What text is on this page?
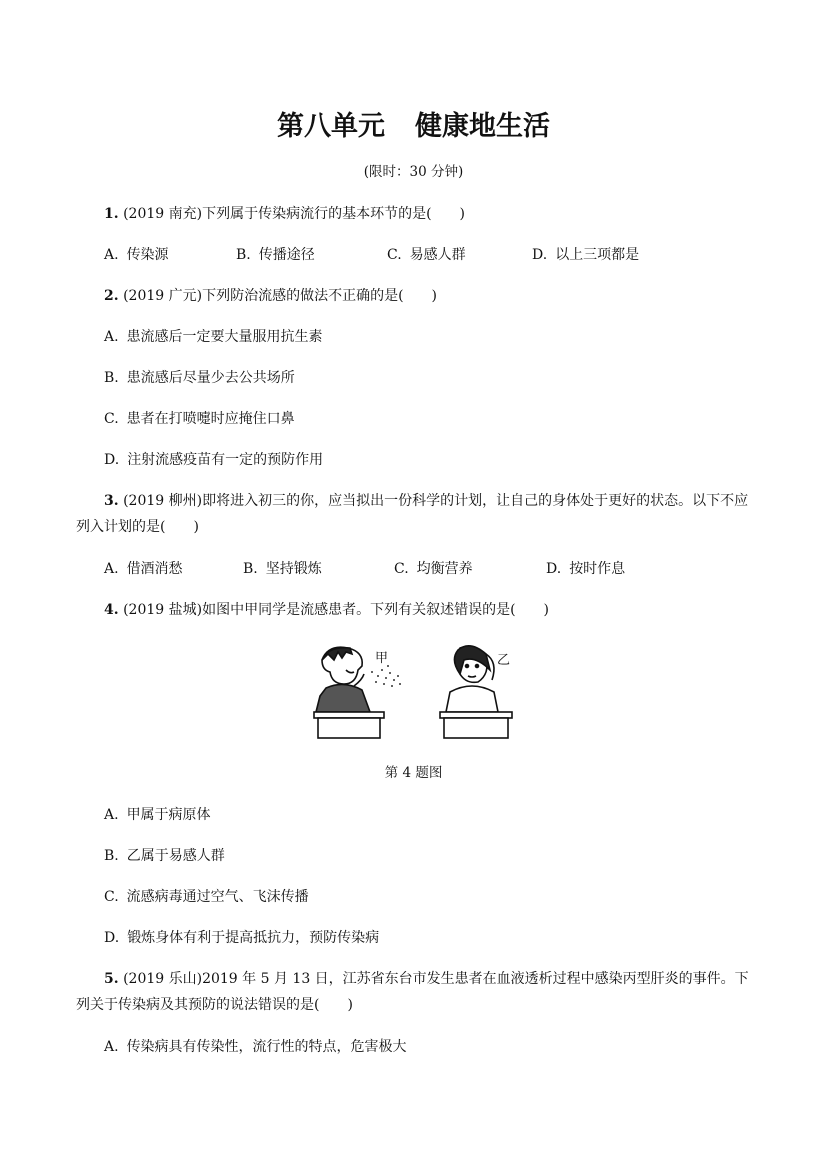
第八单元 健康地生活
(限时：30 分钟)
1. (2019 南充)下列属于传染病流行的基本环节的是(　　)
A. 传染源	B. 传播途径	C. 易感人群	D. 以上三项都是
2. (2019 广元)下列防治流感的做法不正确的是(　　)
A. 患流感后一定要大量服用抗生素
B. 患流感后尽量少去公共场所
C. 患者在打喷嚏时应掩住口鼻
D. 注射流感疫苗有一定的预防作用
3. (2019 柳州)即将进入初三的你，应当拟出一份科学的计划，让自己的身体处于更好的状态。以下不应列入计划的是(　　)
A. 借酒消愁	B. 坚持锻炼	C. 均衡营养	D. 按时作息
4. (2019 盐城)如图中甲同学是流感患者。下列有关叙述错误的是(　　)
甲	乙
第 4 题图
A. 甲属于病原体
B. 乙属于易感人群
C. 流感病毒通过空气、飞沫传播
D. 锻炼身体有利于提高抵抗力，预防传染病
5. (2019 乐山)2019 年 5 月 13 日，江苏省东台市发生患者在血液透析过程中感染丙型肝炎的事件。下列关于传染病及其预防的说法错误的是(　　)
A. 传染病具有传染性，流行性的特点，危害极大
